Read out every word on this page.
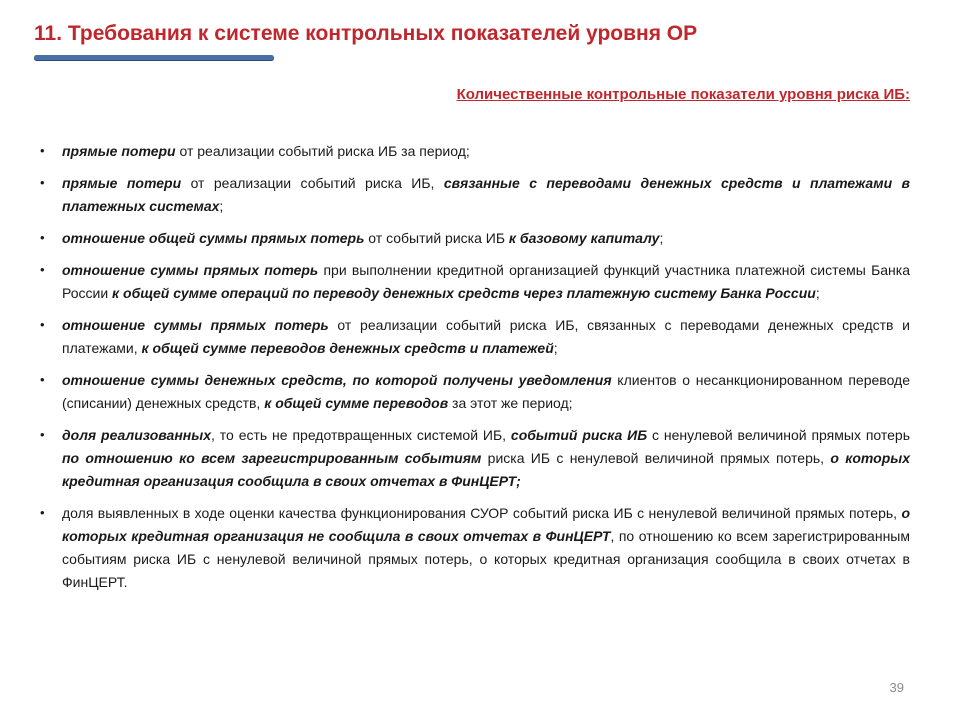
11. Требования к системе контрольных показателей уровня ОР
Количественные контрольные показатели уровня риска ИБ:
•	прямые потери от реализации событий риска ИБ за период;
•	прямые потери от реализации событий риска ИБ, связанные с переводами денежных средств и платежами в платежных системах;
•	отношение общей суммы прямых потерь от событий риска ИБ к базовому капиталу;
•	отношение суммы прямых потерь при выполнении кредитной организацией функций участника платежной системы Банка России к общей сумме операций по переводу денежных средств через платежную систему Банка России;
•	отношение суммы прямых потерь от реализации событий риска ИБ, связанных с переводами денежных средств и платежами, к общей сумме переводов денежных средств и платежей;
•	отношение суммы денежных средств, по которой получены уведомления клиентов о несанкционированном переводе (списании) денежных средств, к общей сумме переводов за этот же период;
•	доля реализованных, то есть не предотвращенных системой ИБ, событий риска ИБ с ненулевой величиной прямых потерь по отношению ко всем зарегистрированным событиям риска ИБ с ненулевой величиной прямых потерь, о которых кредитная организация сообщила в своих отчетах в ФинЦЕРТ;
•	доля выявленных в ходе оценки качества функционирования СУОР событий риска ИБ с ненулевой величиной прямых потерь, о которых кредитная организация не сообщила в своих отчетах в ФинЦЕРТ, по отношению ко всем зарегистрированным событиям риска ИБ с ненулевой величиной прямых потерь, о которых кредитная организация сообщила в своих отчетах в ФинЦЕРТ.
39
